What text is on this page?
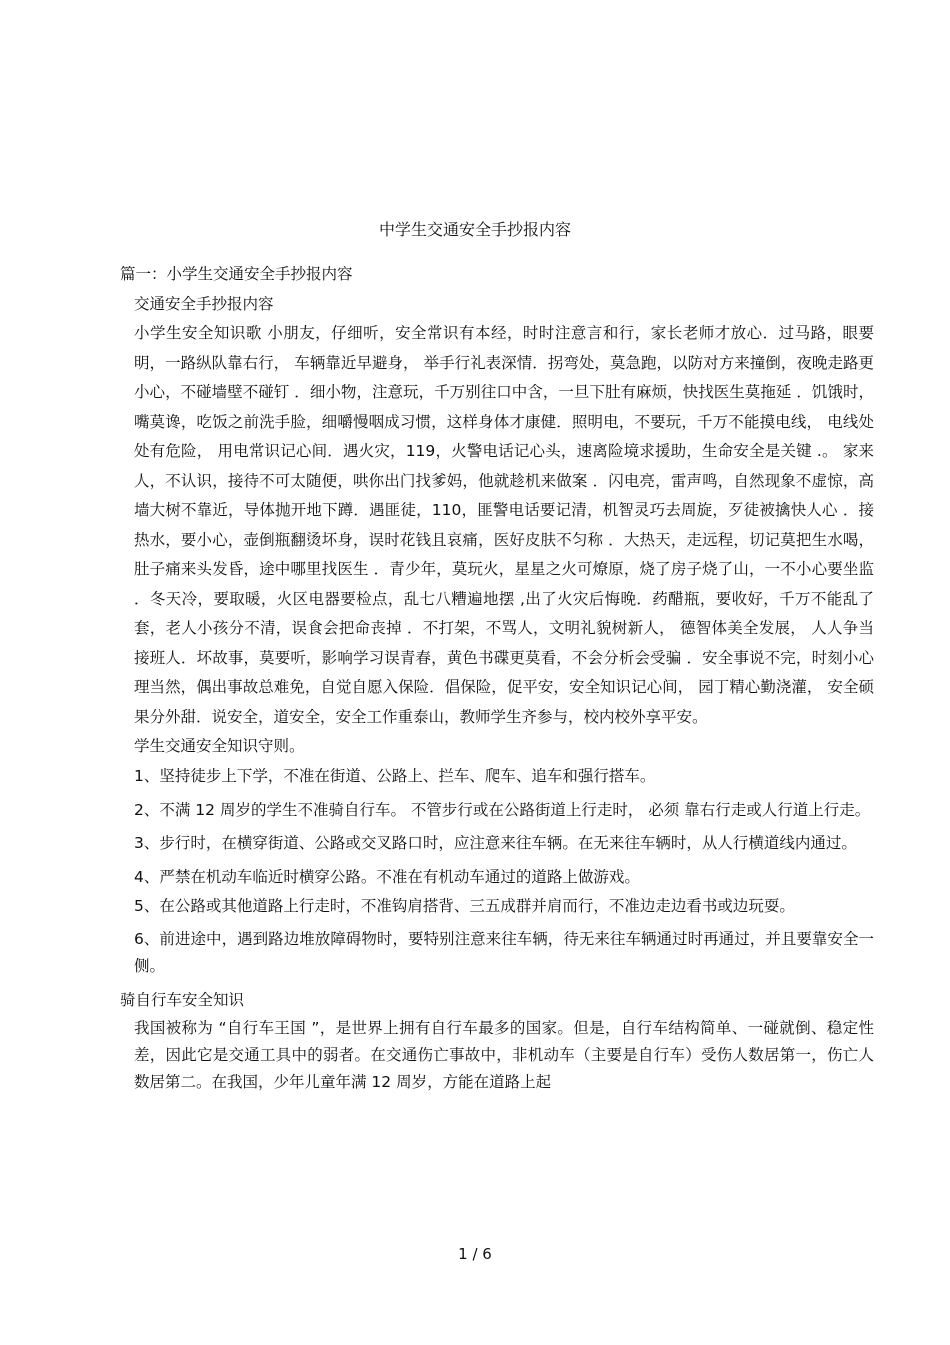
中学生交通安全手抄报内容

篇一：小学生交通安全手抄报内容

交通安全手抄报内容

小学生安全知识歌 小朋友，仔细听，安全常识有本经，时时注意言和行，家长老师才放心．过马路，眼要明，一路纵队靠右行， 车辆靠近早避身， 举手行礼表深情．拐弯处，莫急跑，以防对方来撞倒，夜晚走路更小心，不碰墙壁不碰钉 ．细小物，注意玩，千万别往口中含，一旦下肚有麻烦，快找医生莫拖延 ．饥饿时，嘴莫谗，吃饭之前洗手脸，细嚼慢咽成习惯，这样身体才康健．照明电，不要玩，千万不能摸电线， 电线处处有危险， 用电常识记心间．遇火灾，119，火警电话记心头，速离险境求援助，生命安全是关键 .。 家来人，不认识，接待不可太随便，哄你出门找爹妈，他就趁机来做案 ．闪电亮，雷声鸣，自然现象不虚惊，高墙大树不靠近，导体抛开地下蹲．遇匪徒，110，匪警电话要记清，机智灵巧去周旋，歹徒被擒快人心 ．接热水，要小心，壶倒瓶翻烫坏身，误时花钱且哀痛，医好皮肤不匀称 ．大热天，走远程，切记莫把生水喝，肚子痛来头发昏，途中哪里找医生 ．青少年，莫玩火，星星之火可燎原，烧了房子烧了山，一不小心要坐监 ．冬天冷，要取暖，火区电器要检点，乱七八糟遍地摆 ,出了火灾后悔晚．药醋瓶，要收好，千万不能乱了套，老人小孩分不清，误食会把命丧掉 ．不打架，不骂人，文明礼貌树新人， 德智体美全发展， 人人争当接班人．坏故事，莫要听，影响学习误青春，黄色书碟更莫看，不会分析会受骗 ．安全事说不完，时刻小心理当然，偶出事故总难免，自觉自愿入保险．倡保险，促平安，安全知识记心间， 园丁精心勤浇灌， 安全硕果分外甜．说安全，道安全，安全工作重泰山，教师学生齐参与，校内校外享平安。

学生交通安全知识守则。

1、坚持徒步上下学，不准在街道、公路上、拦车、爬车、追车和强行搭车。

2、不满 12 周岁的学生不准骑自行车。 不管步行或在公路街道上行走时， 必须 靠右行走或人行道上行走。

3、步行时，在横穿街道、公路或交叉路口时，应注意来往车辆。在无来往车辆时，从人行横道线内通过。

4、严禁在机动车临近时横穿公路。不准在有机动车通过的道路上做游戏。

5、在公路或其他道路上行走时，不准钩肩搭背、三五成群并肩而行，不准边走边看书或边玩耍。

6、前进途中，遇到路边堆放障碍物时，要特别注意来往车辆，待无来往车辆通过时再通过，并且要靠安全一侧。

骑自行车安全知识

我国被称为 “自行车王国 ”，是世界上拥有自行车最多的国家。但是，自行车结构简单、一碰就倒、稳定性差，因此它是交通工具中的弱者。在交通伤亡事故中，非机动车（主要是自行车）受伤人数居第一，伤亡人数居第二。在我国，少年儿童年满 12 周岁，方能在道路上起

1 / 6
